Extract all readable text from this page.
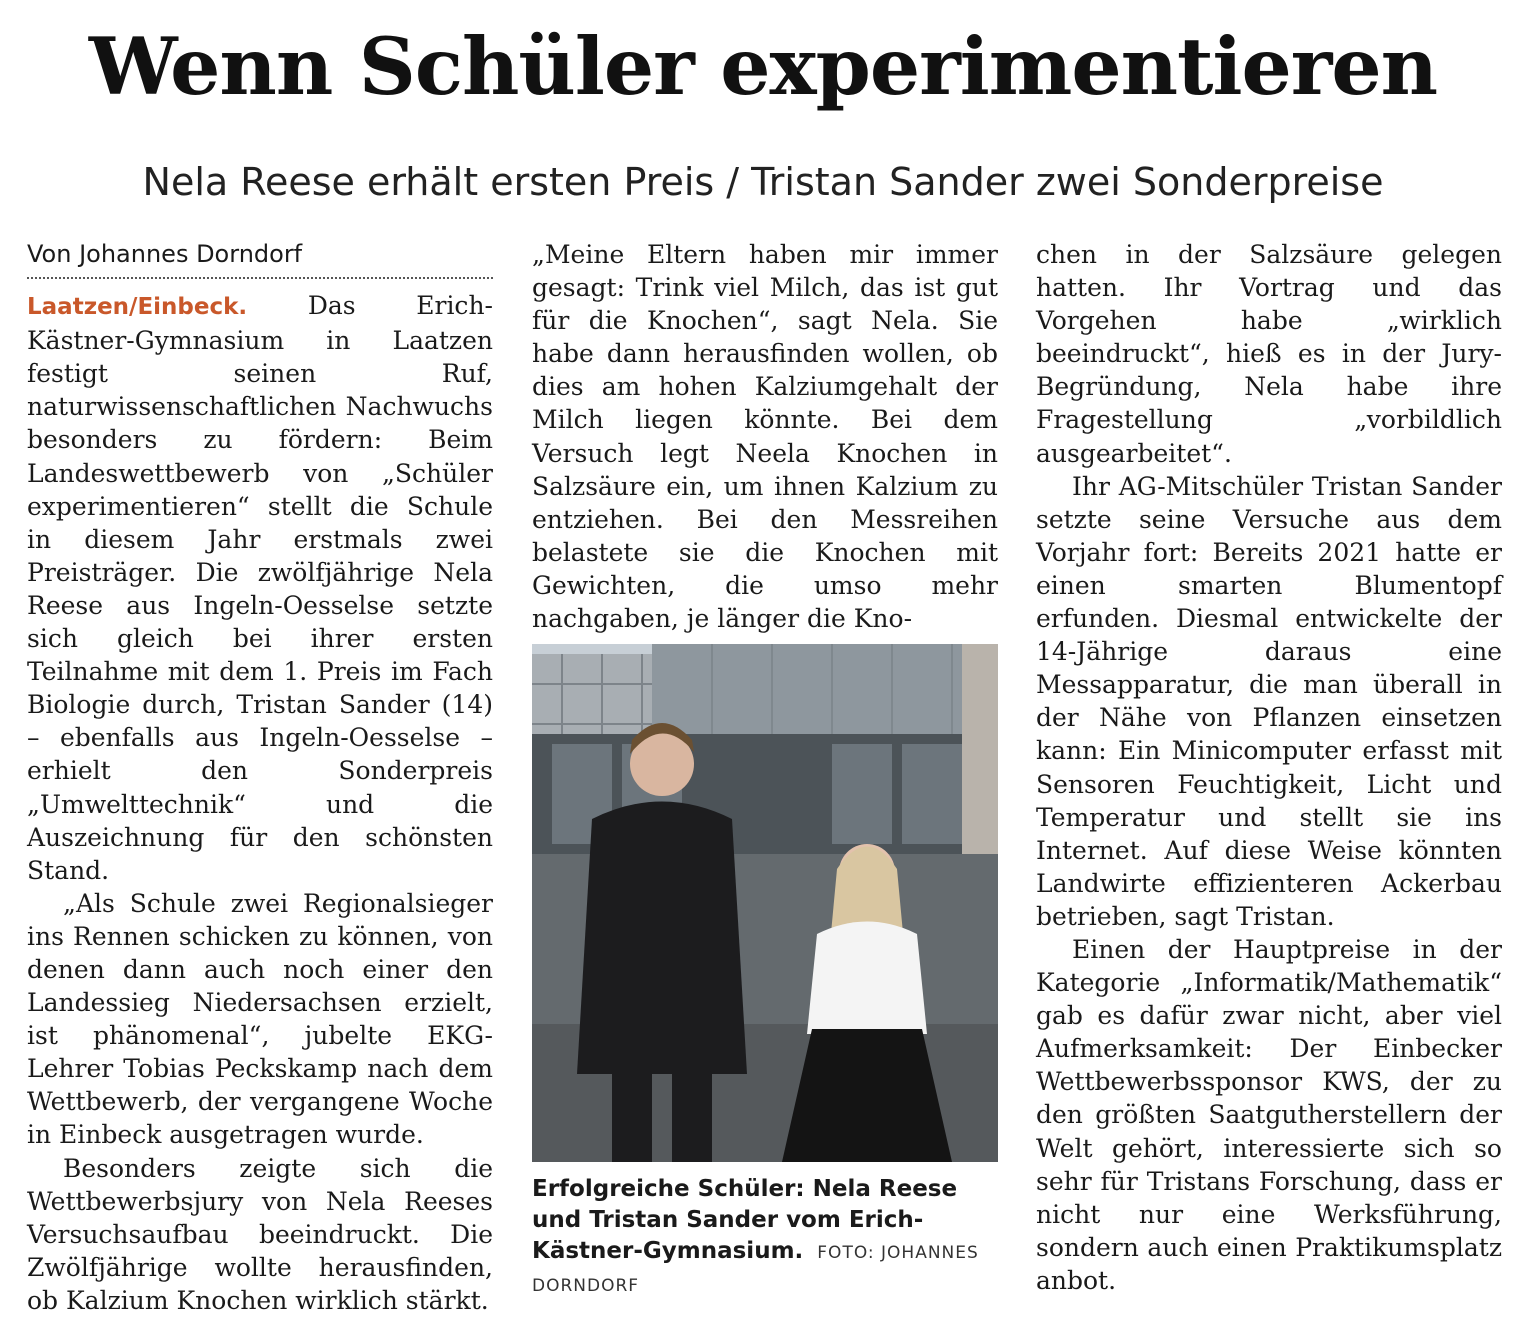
Wenn Schüler experimentieren
Nela Reese erhält ersten Preis / Tristan Sander zwei Sonderpreise
Von Johannes Dorndorf

Laatzen/Einbeck. Das Erich-Kästner-Gymnasium in Laatzen festigt seinen Ruf, naturwissenschaftlichen Nachwuchs besonders zu fördern: Beim Landeswettbewerb von „Schüler experimentieren“ stellt die Schule in diesem Jahr erstmals zwei Preisträger. Die zwölfjährige Nela Reese aus Ingeln-Oesselse setzte sich gleich bei ihrer ersten Teilnahme mit dem 1. Preis im Fach Biologie durch, Tristan Sander (14) – ebenfalls aus Ingeln-Oesselse – erhielt den Sonderpreis „Umwelttechnik“ und die Auszeichnung für den schönsten Stand.

„Als Schule zwei Regionalsieger ins Rennen schicken zu können, von denen dann auch noch einer den Landessieg Niedersachsen erzielt, ist phänomenal“, jubelte EKG-Lehrer Tobias Peckskamp nach dem Wettbewerb, der vergangene Woche in Einbeck ausgetragen wurde.

Besonders zeigte sich die Wettbewerbsjury von Nela Reeses Versuchsaufbau beeindruckt. Die Zwölfjährige wollte herausfinden, ob Kalzium Knochen wirklich stärkt.

„Meine Eltern haben mir immer gesagt: Trink viel Milch, das ist gut für die Knochen“, sagt Nela. Sie habe dann herausfinden wollen, ob dies am hohen Kalziumgehalt der Milch liegen könnte. Bei dem Versuch legt Neela Knochen in Salzsäure ein, um ihnen Kalzium zu entziehen. Bei den Messreihen belastete sie die Knochen mit Gewichten, die umso mehr nachgaben, je länger die Kno-

Erfolgreiche Schüler: Nela Reese und Tristan Sander vom Erich-Kästner-Gymnasium. FOTO: JOHANNES DORNDORF

chen in der Salzsäure gelegen hatten. Ihr Vortrag und das Vorgehen habe „wirklich beeindruckt“, hieß es in der Jury-Begründung, Nela habe ihre Fragestellung „vorbildlich ausgearbeitet“.

Ihr AG-Mitschüler Tristan Sander setzte seine Versuche aus dem Vorjahr fort: Bereits 2021 hatte er einen smarten Blumentopf erfunden. Diesmal entwickelte der 14-Jährige daraus eine Messapparatur, die man überall in der Nähe von Pflanzen einsetzen kann: Ein Minicomputer erfasst mit Sensoren Feuchtigkeit, Licht und Temperatur und stellt sie ins Internet. Auf diese Weise könnten Landwirte effizienteren Ackerbau betrieben, sagt Tristan.

Einen der Hauptpreise in der Kategorie „Informatik/Mathematik“ gab es dafür zwar nicht, aber viel Aufmerksamkeit: Der Einbecker Wettbewerbssponsor KWS, der zu den größten Saatgutherstellern der Welt gehört, interessierte sich so sehr für Tristans Forschung, dass er nicht nur eine Werksführung, sondern auch einen Praktikumsplatz anbot.
